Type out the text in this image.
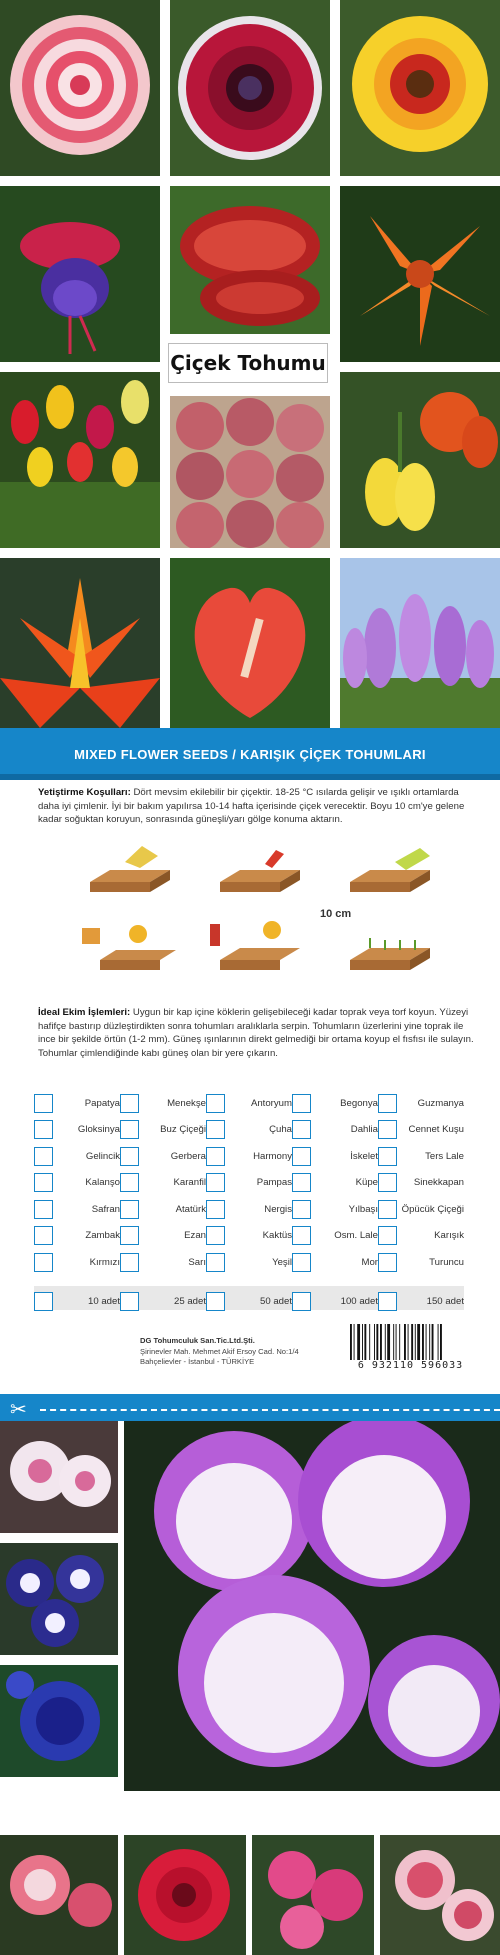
Çiçek Tohumu
MIXED FLOWER SEEDS / KARIŞIK ÇİÇEK TOHUMLARI
Yetiştirme Koşulları: Dört mevsim ekilebilir bir çiçektir. 18-25 °C ısılarda gelişir ve ışıklı ortamlarda daha iyi çimlenir. İyi bir bakım yapılırsa 10-14 hafta içerisinde çiçek verecektir. Boyu 10 cm'ye gelene kadar soğuktan koruyun, sonrasında güneşli/yarı gölge konuma aktarın.
10 cm
İdeal Ekim İşlemleri: Uygun bir kap içine köklerin gelişebileceği kadar toprak veya torf koyun. Yüzeyi hafifçe bastırıp düzleştirdikten sonra tohumları aralıklarla serpin. Tohumların üzerlerini yine toprak ile ince bir şekilde örtün (1-2 mm). Güneş ışınlarının direkt gelmediği bir ortama koyup el fısfısı ile sulayın. Tohumlar çimlendiğinde kabı güneş olan bir yere çıkarın.
Papatya	Menekşe	Antoryum	Begonya	Guzmanya
Gloksinya	Buz Çiçeği	Çuha	Dahlia	Cennet Kuşu
Gelincik	Gerbera	Harmony	İskelet	Ters Lale
Kalanşo	Karanfil	Pampas	Küpe	Sinekkapan
Safran	Atatürk	Nergis	Yılbaşı	Öpücük Çiçeği
Zambak	Ezan	Kaktüs	Osm. Lale	Karışık
Kırmızı	Sarı	Yeşil	Mor	Turuncu
10 adet	25 adet	50 adet	100 adet	150 adet
DG Tohumculuk San.Tic.Ltd.Şti.
Şirinevler Mah. Mehmet Akif Ersoy Cad. No:1/4
Bahçelievler - İstanbul - TÜRKİYE	6 932110 596033
✂
